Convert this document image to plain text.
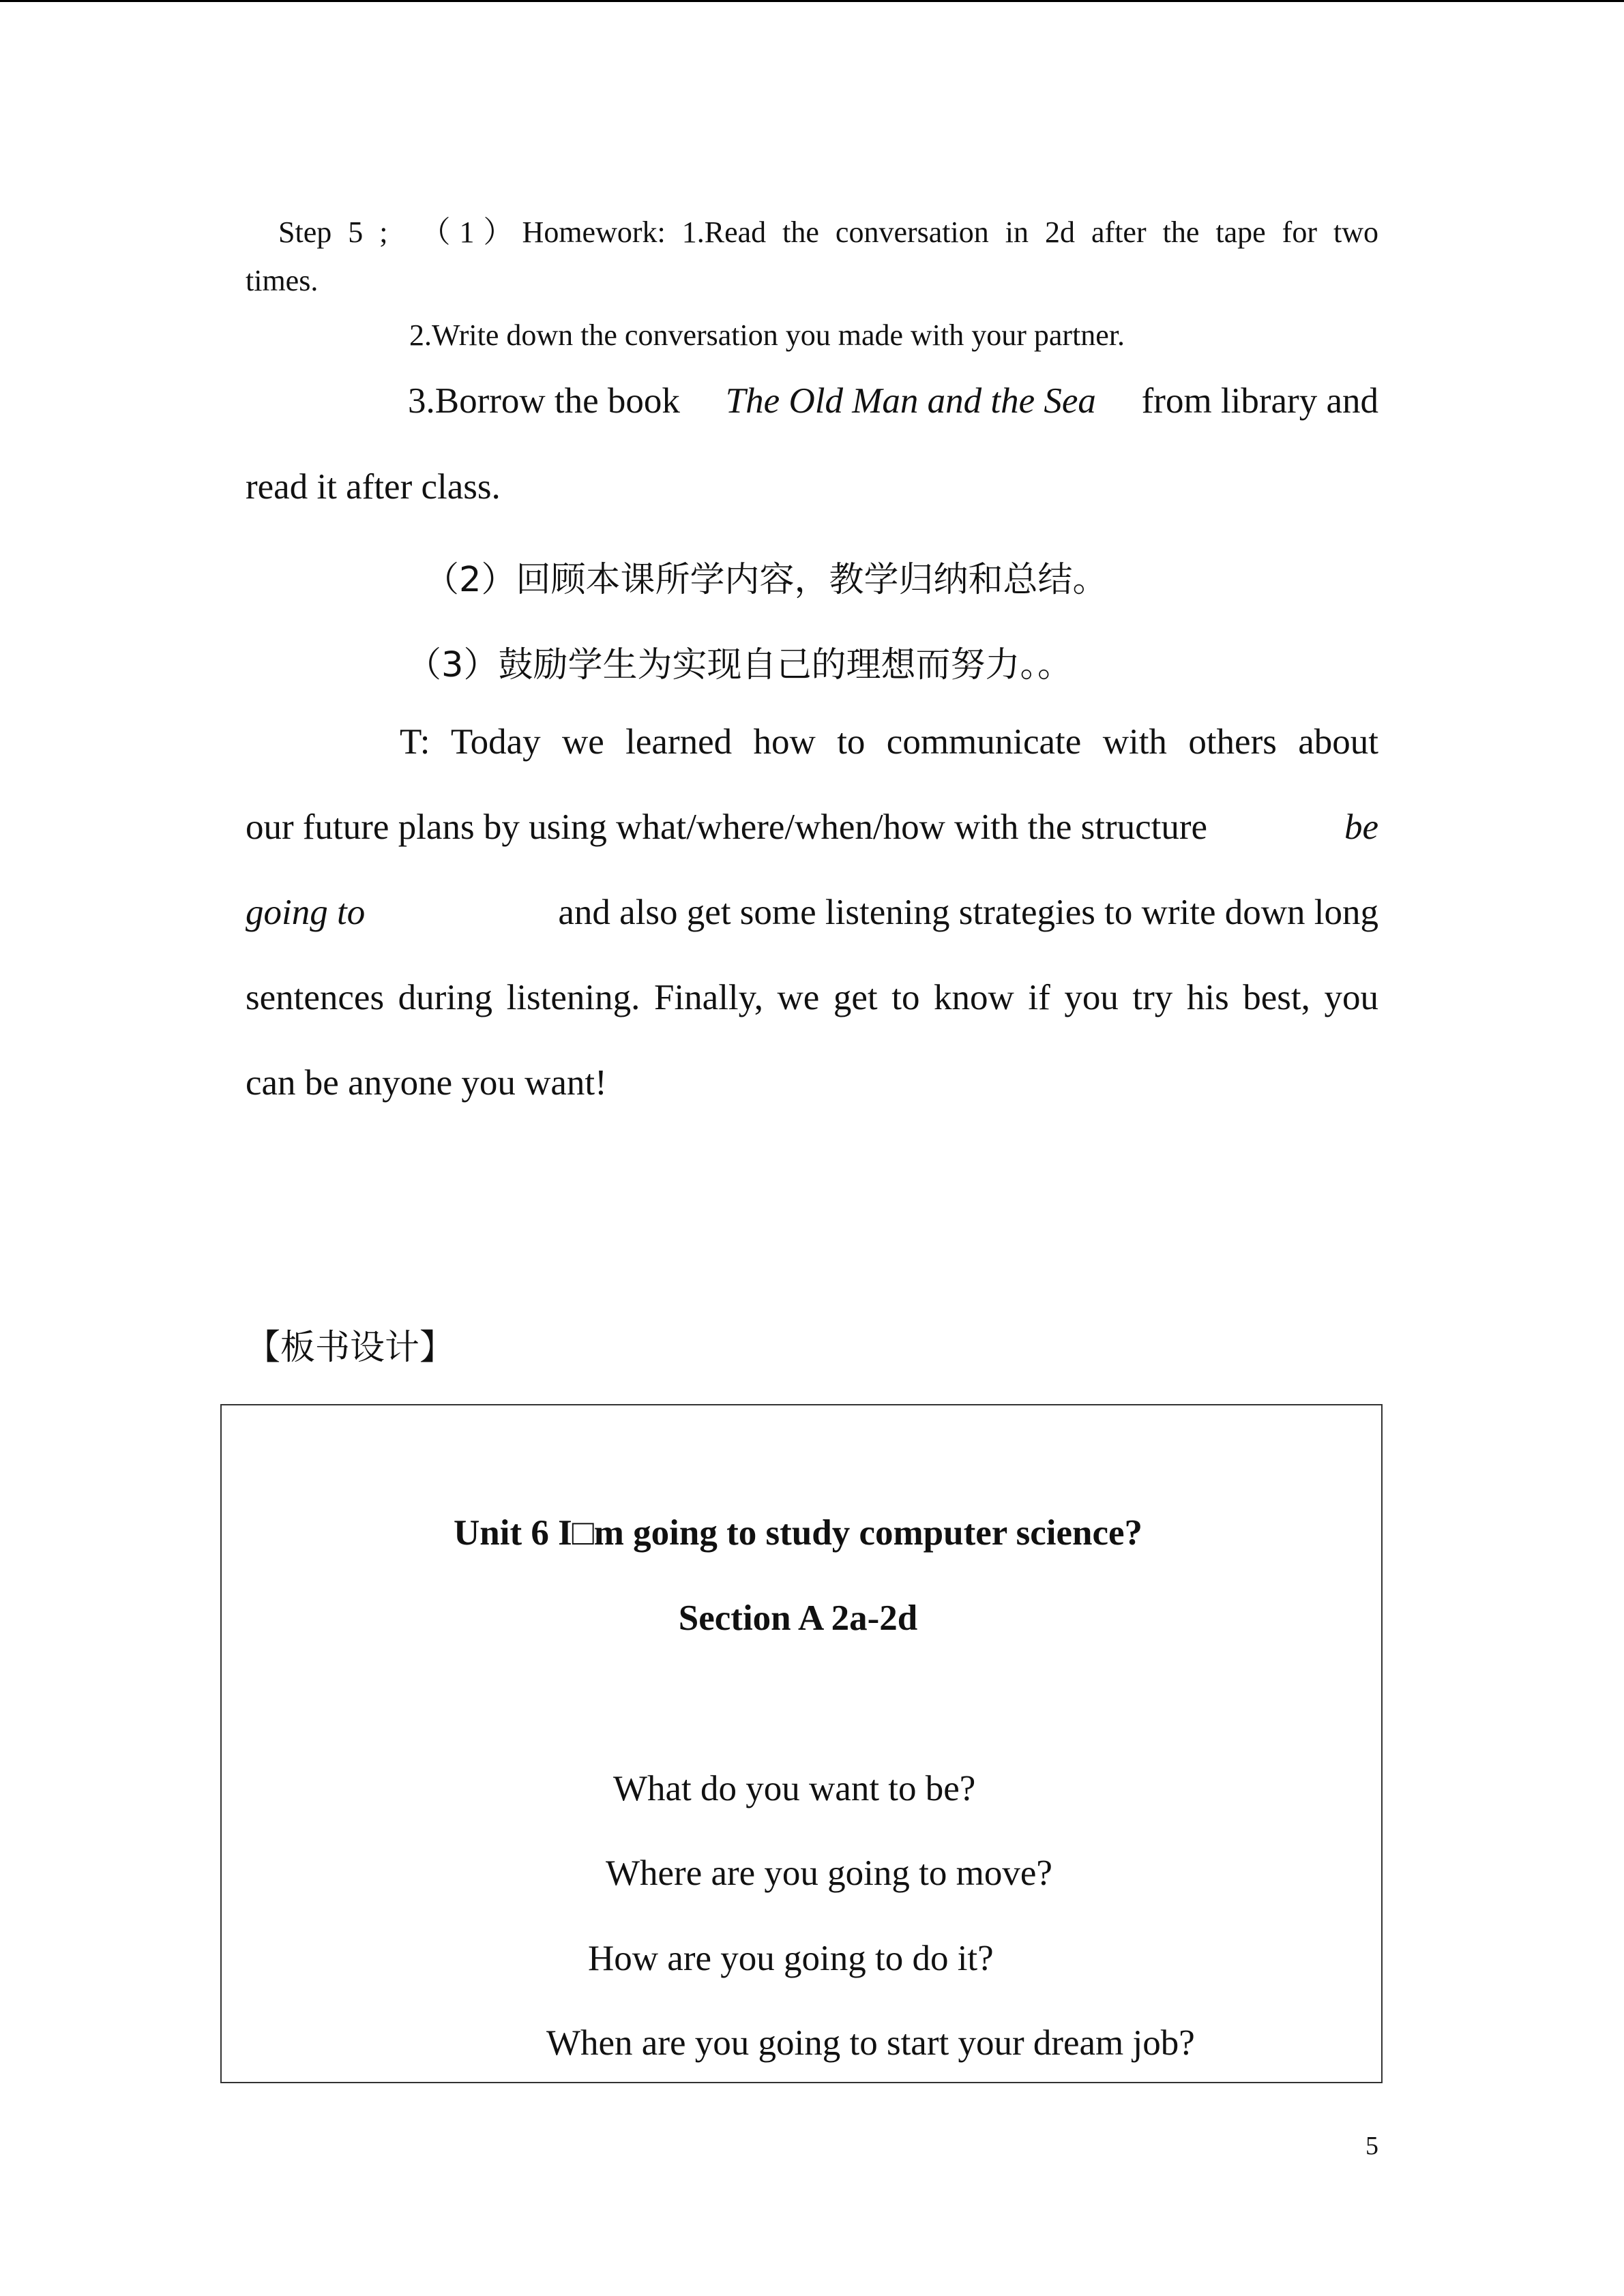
Step 5 ;  （1）Homework: 1.Read the conversation in 2d after the tape for two
times.
2.Write down the conversation you made with your partner.
3.Borrow the book The Old Man and the Sea from library and
read it after class.
（2）回顾本课所学内容，教学归纳和总结。
（3）鼓励学生为实现自己的理想而努力。。
T: Today we learned how to communicate with others about
our future plans by using what/where/when/how with the structure	be
going to	and also get some listening strategies to write down long
sentences during listening. Finally, we get to know if you try his best, you
can be anyone you want!
【板书设计】
Unit 6 I□m going to study computer science?
Section A 2a-2d
What do you want to be?
Where are you going to move?
How are you going to do it?
When are you going to start your dream job?
5
